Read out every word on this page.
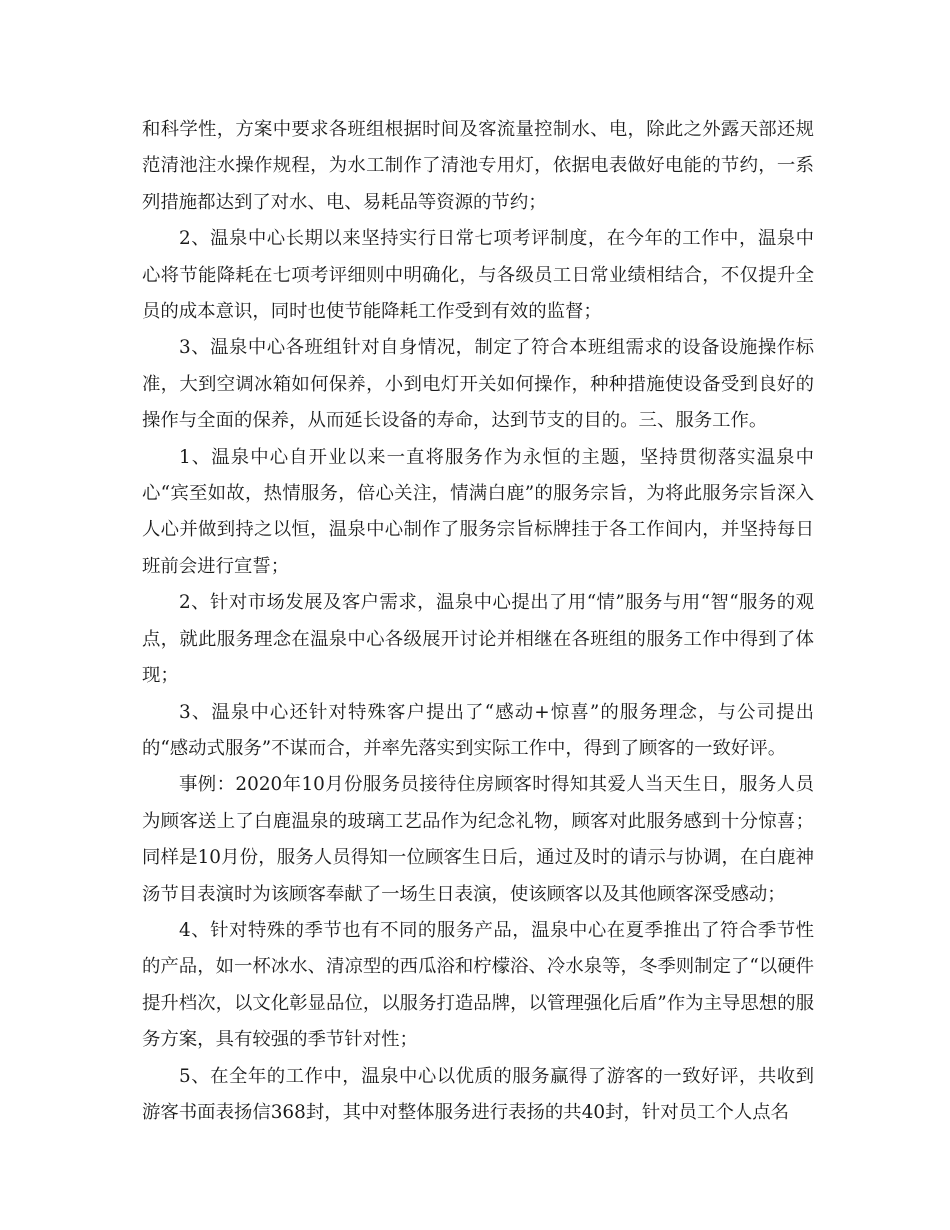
和科学性，方案中要求各班组根据时间及客流量控制水、电，除此之外露天部还规范清池注水操作规程，为水工制作了清池专用灯，依据电表做好电能的节约，一系列措施都达到了对水、电、易耗品等资源的节约；

2、温泉中心长期以来坚持实行日常七项考评制度，在今年的工作中，温泉中心将节能降耗在七项考评细则中明确化，与各级员工日常业绩相结合，不仅提升全员的成本意识，同时也使节能降耗工作受到有效的监督；

3、温泉中心各班组针对自身情况，制定了符合本班组需求的设备设施操作标准，大到空调冰箱如何保养，小到电灯开关如何操作，种种措施使设备受到良好的操作与全面的保养，从而延长设备的寿命，达到节支的目的。三、服务工作。

1、温泉中心自开业以来一直将服务作为永恒的主题，坚持贯彻落实温泉中心“宾至如故，热情服务，倍心关注，情满白鹿”的服务宗旨，为将此服务宗旨深入人心并做到持之以恒，温泉中心制作了服务宗旨标牌挂于各工作间内，并坚持每日班前会进行宣誓；

2、针对市场发展及客户需求，温泉中心提出了用“情”服务与用“智“服务的观点，就此服务理念在温泉中心各级展开讨论并相继在各班组的服务工作中得到了体现；

3、温泉中心还针对特殊客户提出了“感动+惊喜”的服务理念，与公司提出的“感动式服务”不谋而合，并率先落实到实际工作中，得到了顾客的一致好评。

事例：2020年10月份服务员接待住房顾客时得知其爱人当天生日，服务人员为顾客送上了白鹿温泉的玻璃工艺品作为纪念礼物，顾客对此服务感到十分惊喜；同样是10月份，服务人员得知一位顾客生日后，通过及时的请示与协调，在白鹿神汤节目表演时为该顾客奉献了一场生日表演，使该顾客以及其他顾客深受感动；

4、针对特殊的季节也有不同的服务产品，温泉中心在夏季推出了符合季节性的产品，如一杯冰水、清凉型的西瓜浴和柠檬浴、冷水泉等，冬季则制定了“以硬件提升档次，以文化彰显品位，以服务打造品牌，以管理强化后盾”作为主导思想的服务方案，具有较强的季节针对性；

5、在全年的工作中，温泉中心以优质的服务赢得了游客的一致好评，共收到游客书面表扬信368封，其中对整体服务进行表扬的共40封，针对员工个人点名
